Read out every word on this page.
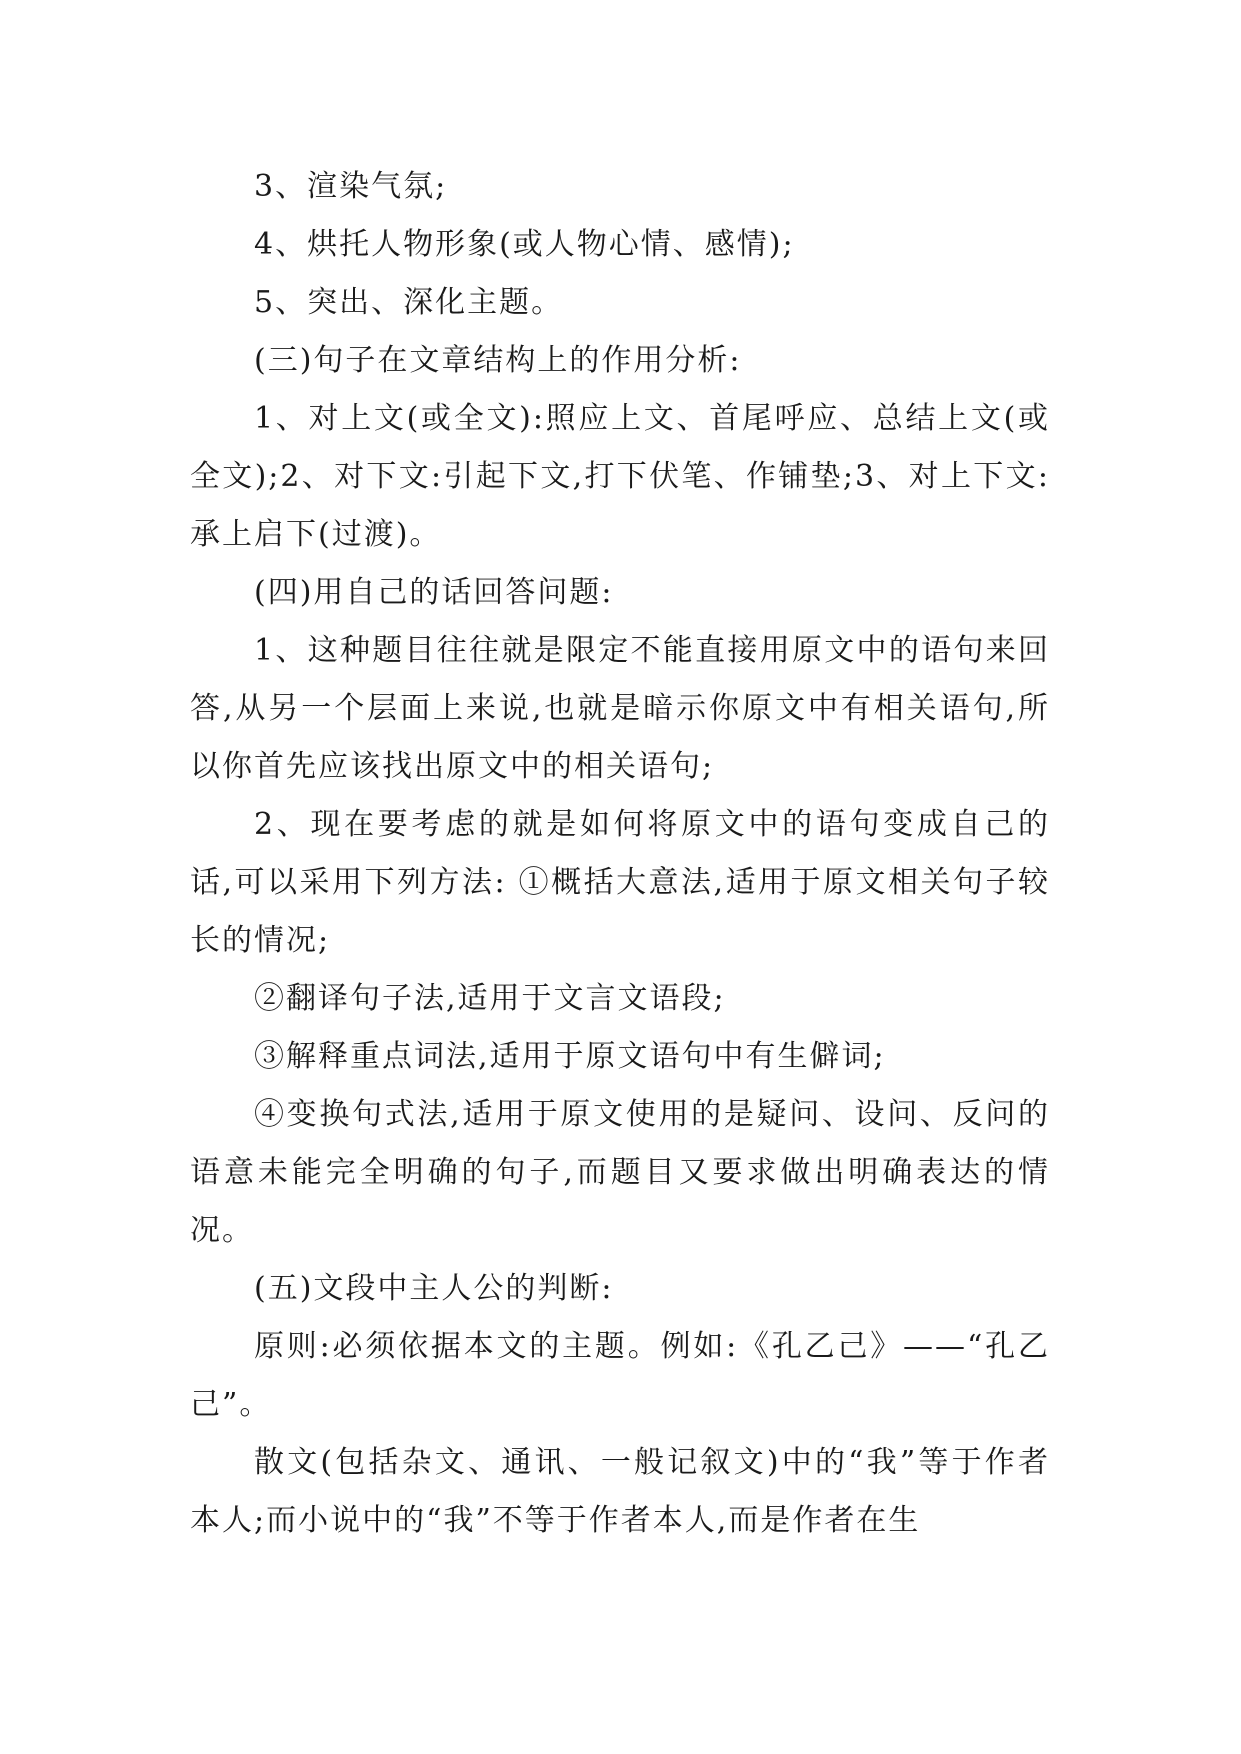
3、渲染气氛;

4、烘托人物形象(或人物心情、感情);

5、突出、深化主题。

(三)句子在文章结构上的作用分析:

1、对上文(或全文):照应上文、首尾呼应、总结上文(或全文);2、对下文:引起下文,打下伏笔、作铺垫;3、对上下文:承上启下(过渡)。

(四)用自己的话回答问题:

1、这种题目往往就是限定不能直接用原文中的语句来回答,从另一个层面上来说,也就是暗示你原文中有相关语句,所以你首先应该找出原文中的相关语句;

2、现在要考虑的就是如何将原文中的语句变成自己的话,可以采用下列方法: ①概括大意法,适用于原文相关句子较长的情况;

②翻译句子法,适用于文言文语段;

③解释重点词法,适用于原文语句中有生僻词;

④变换句式法,适用于原文使用的是疑问、设问、反问的语意未能完全明确的句子,而题目又要求做出明确表达的情况。

(五)文段中主人公的判断:

原则:必须依据本文的主题。例如:《孔乙己》——“孔乙己”。

散文(包括杂文、通讯、一般记叙文)中的“我”等于作者本人;而小说中的“我”不等于作者本人,而是作者在生
